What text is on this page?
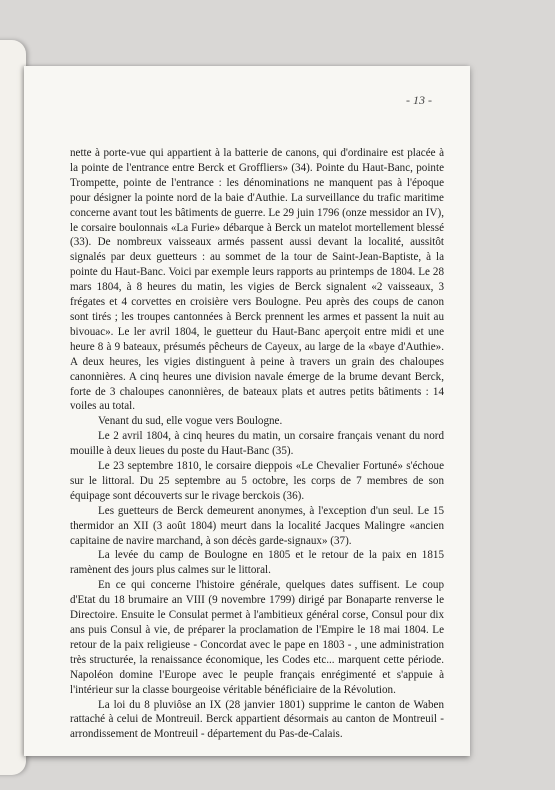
- 13 -

nette à porte-vue qui appartient à la batterie de canons, qui d'ordinaire est placée à la pointe de l'entrance entre Berck et Groffliers» (34). Pointe du Haut-Banc, pointe Trompette, pointe de l'entrance : les dénominations ne manquent pas à l'époque pour désigner la pointe nord de la baie d'Authie. La surveillance du trafic maritime concerne avant tout les bâtiments de guerre. Le 29 juin 1796 (onze messidor an IV), le corsaire boulonnais «La Furie» débarque à Berck un matelot mortellement blessé (33). De nombreux vaisseaux armés passent aussi devant la localité, aussitôt signalés par deux guetteurs : au sommet de la tour de Saint-Jean-Baptiste, à la pointe du Haut-Banc. Voici par exemple leurs rapports au printemps de 1804. Le 28 mars 1804, à 8 heures du matin, les vigies de Berck signalent «2 vaisseaux, 3 frégates et 4 corvettes en croisière vers Boulogne. Peu après des coups de canon sont tirés ; les troupes cantonnées à Berck prennent les armes et passent la nuit au bivouac». Le ler avril 1804, le guetteur du Haut-Banc aperçoit entre midi et une heure 8 à 9 bateaux, présumés pêcheurs de Cayeux, au large de la «baye d'Authie». A deux heures, les vigies distinguent à peine à travers un grain des chaloupes canonnières. A cinq heures une division navale émerge de la brume devant Berck, forte de 3 chaloupes canonnières, de bateaux plats et autres petits bâtiments : 14 voiles au total.

Venant du sud, elle vogue vers Boulogne.

Le 2 avril 1804, à cinq heures du matin, un corsaire français venant du nord mouille à deux lieues du poste du Haut-Banc (35).

Le 23 septembre 1810, le corsaire dieppois «Le Chevalier Fortuné» s'échoue sur le littoral. Du 25 septembre au 5 octobre, les corps de 7 membres de son équipage sont découverts sur le rivage berckois (36).

Les guetteurs de Berck demeurent anonymes, à l'exception d'un seul. Le 15 thermidor an XII (3 août 1804) meurt dans la localité Jacques Malingre «ancien capitaine de navire marchand, à son décès garde-signaux» (37).

La levée du camp de Boulogne en 1805 et le retour de la paix en 1815 ramènent des jours plus calmes sur le littoral.

En ce qui concerne l'histoire générale, quelques dates suffisent. Le coup d'Etat du 18 brumaire an VIII (9 novembre 1799) dirigé par Bonaparte renverse le Directoire. Ensuite le Consulat permet à l'ambitieux général corse, Consul pour dix ans puis Consul à vie, de préparer la proclamation de l'Empire le 18 mai 1804. Le retour de la paix religieuse - Concordat avec le pape en 1803 - , une administration très structurée, la renaissance économique, les Codes etc... marquent cette période. Napoléon domine l'Europe avec le peuple français enrégimenté et s'appuie à l'intérieur sur la classe bourgeoise véritable bénéficiaire de la Révolution.

La loi du 8 pluviôse an IX (28 janvier 1801) supprime le canton de Waben rattaché à celui de Montreuil. Berck appartient désormais au canton de Montreuil - arrondissement de Montreuil - département du Pas-de-Calais.
